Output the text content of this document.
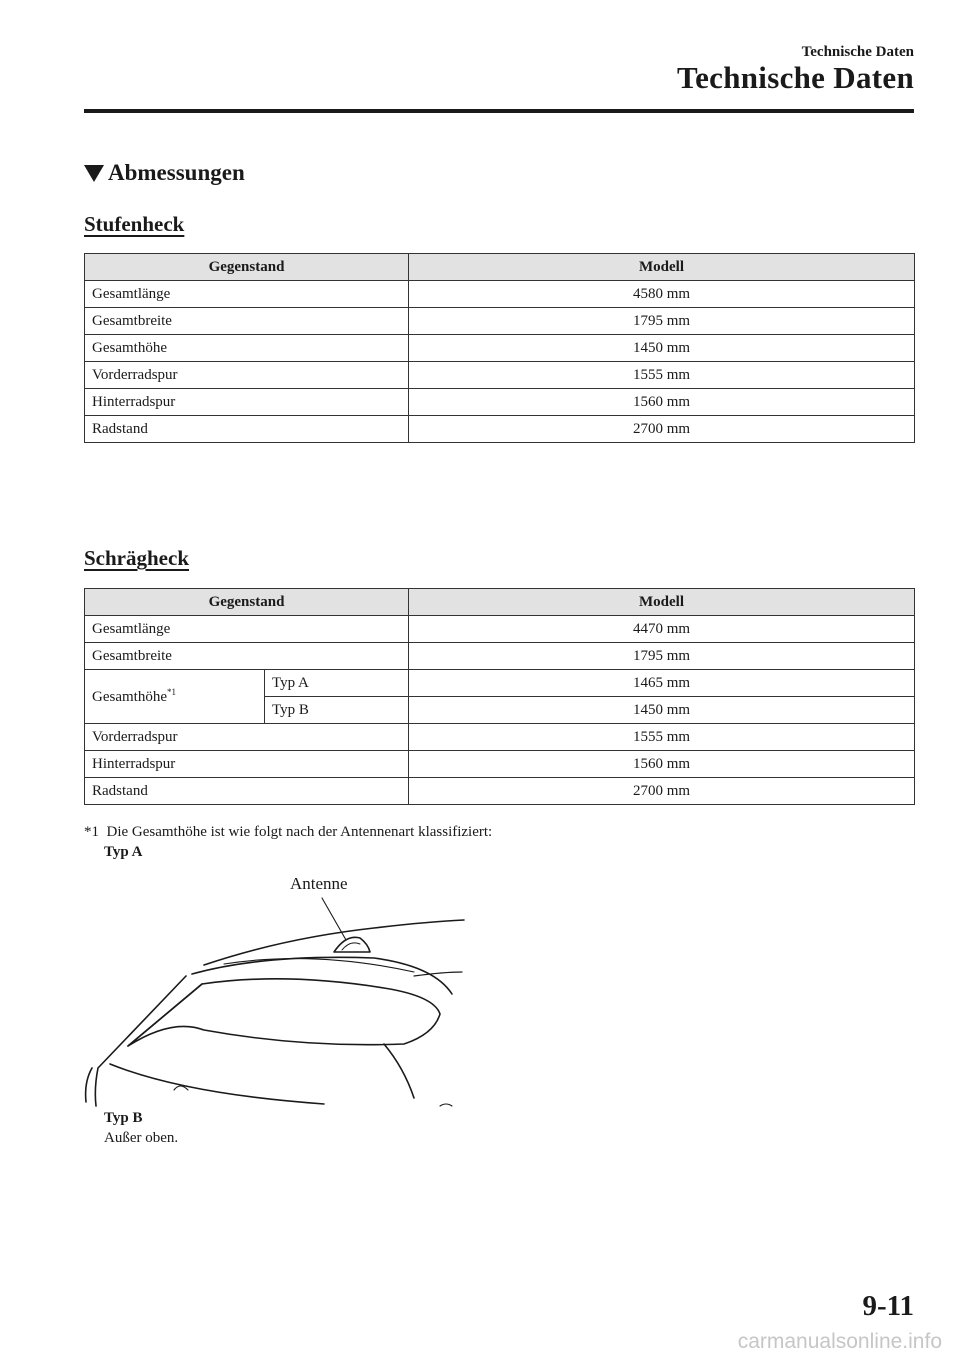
Technische Daten
Technische Daten
Abmessungen
Stufenheck
Gegenstand	Modell
Gesamtlänge	4580 mm
Gesamtbreite	1795 mm
Gesamthöhe	1450 mm
Vorderradspur	1555 mm
Hinterradspur	1560 mm
Radstand	2700 mm
Schrägheck
Gegenstand		Modell
Gesamtlänge		4470 mm
Gesamtbreite		1795 mm
Gesamthöhe$^{*1}$	Typ A	1465 mm
	Typ B	1450 mm
Vorderradspur		1555 mm
Hinterradspur		1560 mm
Radstand		2700 mm
*1 Die Gesamthöhe ist wie folgt nach der Antennenart klassifiziert:
Typ A
Antenne
Typ B
Außer oben.
9-11
carmanualsonline.info
